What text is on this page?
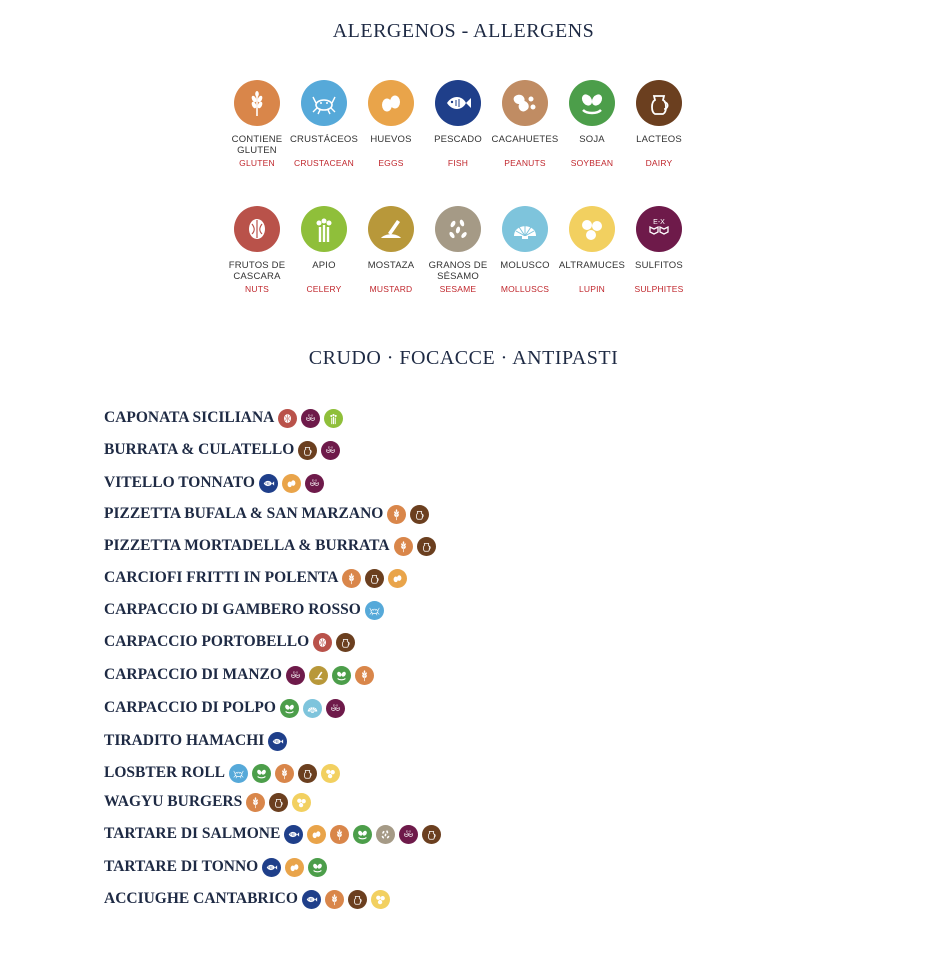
ALERGENOS - ALLERGENS
CONTIENE GLUTEN
GLUTEN
CRUSTÁCEOS
CRUSTACEAN
HUEVOS
EGGS
PESCADO
FISH
CACAHUETES
PEANUTS
SOJA
SOYBEAN
LACTEOS
DAIRY
FRUTOS DE CASCARA
NUTS
APIO
CELERY
MOSTAZA
MUSTARD
GRANOS DE SÉSAMO
SESAME
MOLUSCO
MOLLUSCS
ALTRAMUCES
LUPIN
E-X
SULFITOS
SULPHITES
CRUDO · FOCACCE · ANTIPASTI
CAPONATA SICILIANA	E-X
BURRATA & CULATELLO	E-X
VITELLO TONNATO	E-X
PIZZETTA BUFALA & SAN MARZANO
PIZZETTA MORTADELLA & BURRATA
CARCIOFI FRITTI IN POLENTA
CARPACCIO DI GAMBERO ROSSO
CARPACCIO PORTOBELLO
CARPACCIO DI MANZO E-X
CARPACCIO DI POLPO	E-X
TIRADITO HAMACHI
LOSBTER ROLL
WAGYU BURGERS
TARTARE DI SALMONE	E-X
TARTARE DI TONNO
ACCIUGHE CANTABRICO
